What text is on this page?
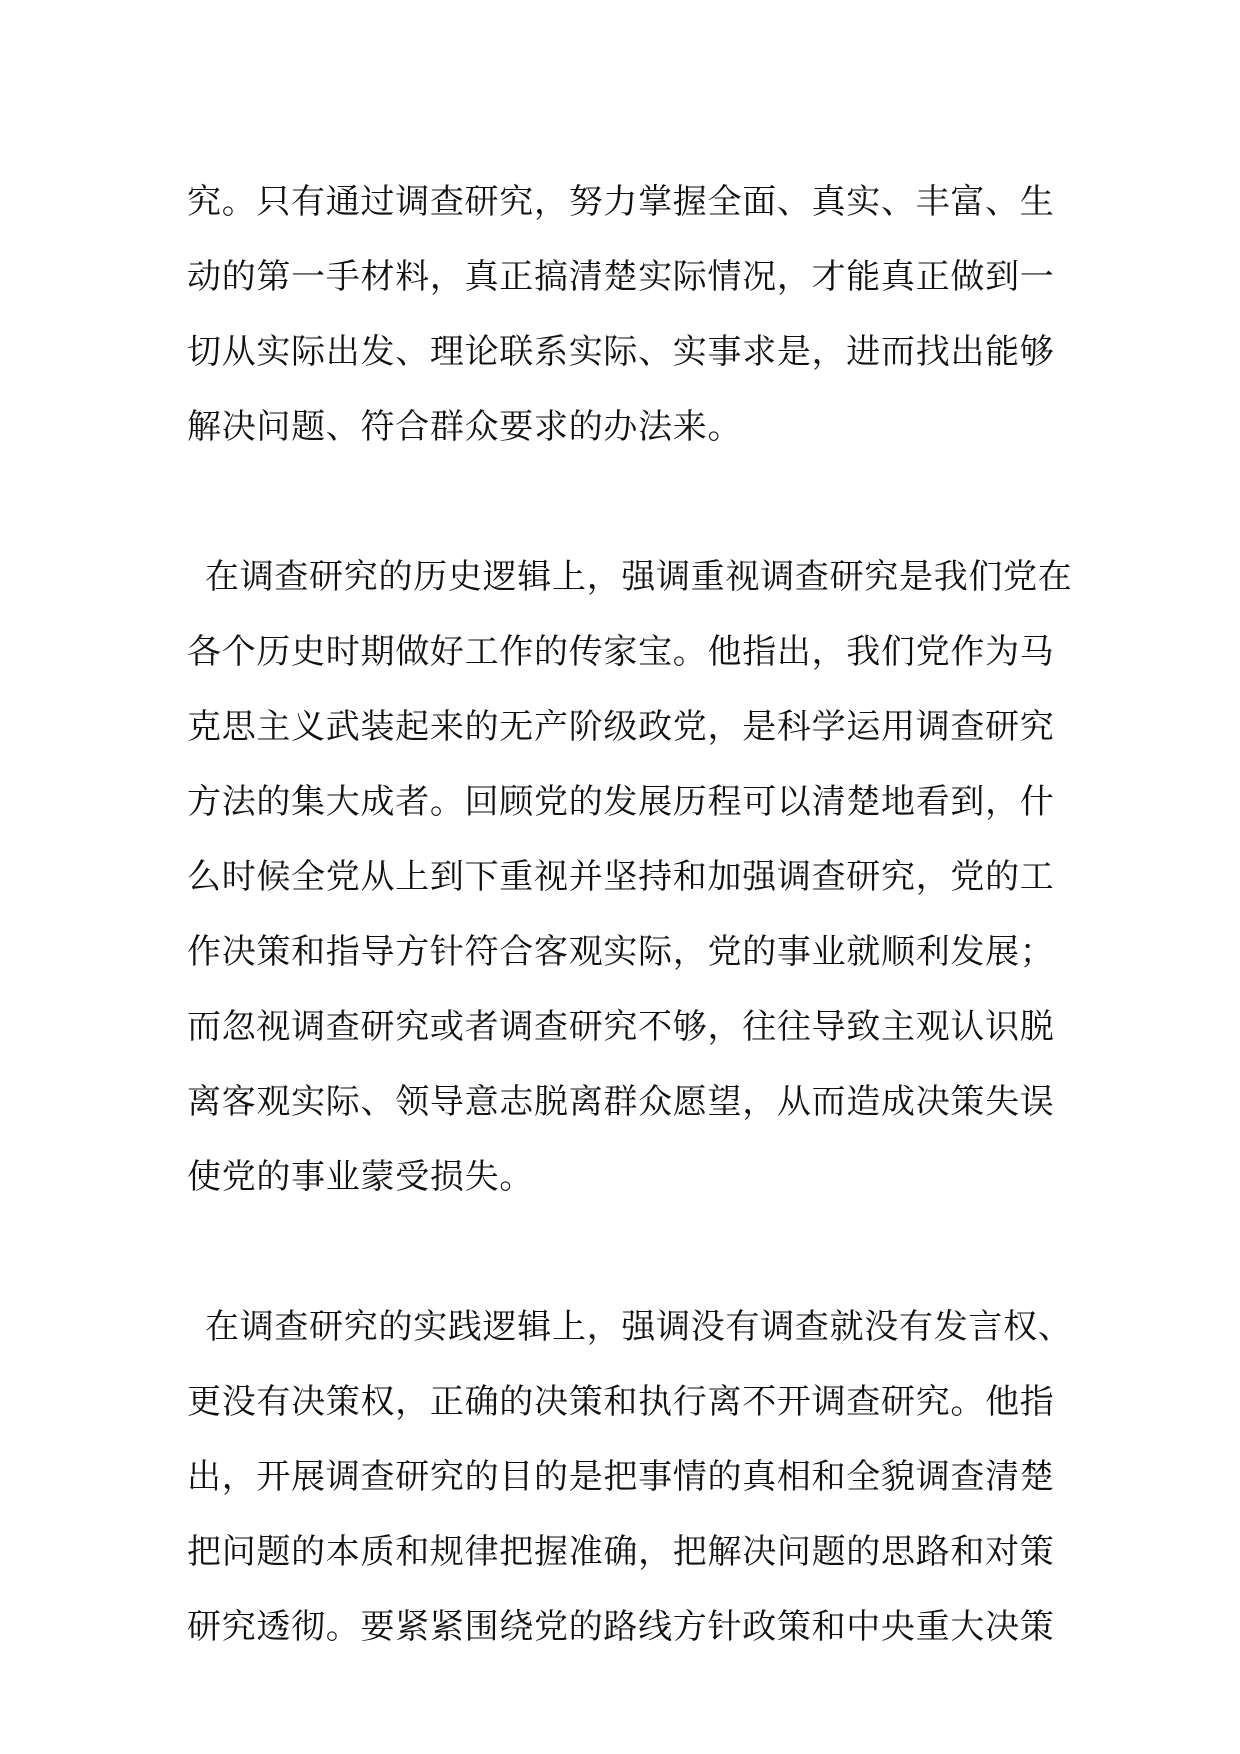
究。只有通过调查研究，努力掌握全面、真实、丰富、生
动的第一手材料，真正搞清楚实际情况，才能真正做到一
切从实际出发、理论联系实际、实事求是，进而找出能够
解决问题、符合群众要求的办法来。
在调查研究的历史逻辑上，强调重视调查研究是我们党在
各个历史时期做好工作的传家宝。他指出，我们党作为马
克思主义武装起来的无产阶级政党，是科学运用调查研究
方法的集大成者。回顾党的发展历程可以清楚地看到，什
么时候全党从上到下重视并坚持和加强调查研究，党的工
作决策和指导方针符合客观实际，党的事业就顺利发展；
而忽视调查研究或者调查研究不够，往往导致主观认识脱
离客观实际、领导意志脱离群众愿望，从而造成决策失误
使党的事业蒙受损失。
在调查研究的实践逻辑上，强调没有调查就没有发言权、
更没有决策权，正确的决策和执行离不开调查研究。他指
出，开展调查研究的目的是把事情的真相和全貌调查清楚
把问题的本质和规律把握准确，把解决问题的思路和对策
研究透彻。要紧紧围绕党的路线方针政策和中央重大决策
